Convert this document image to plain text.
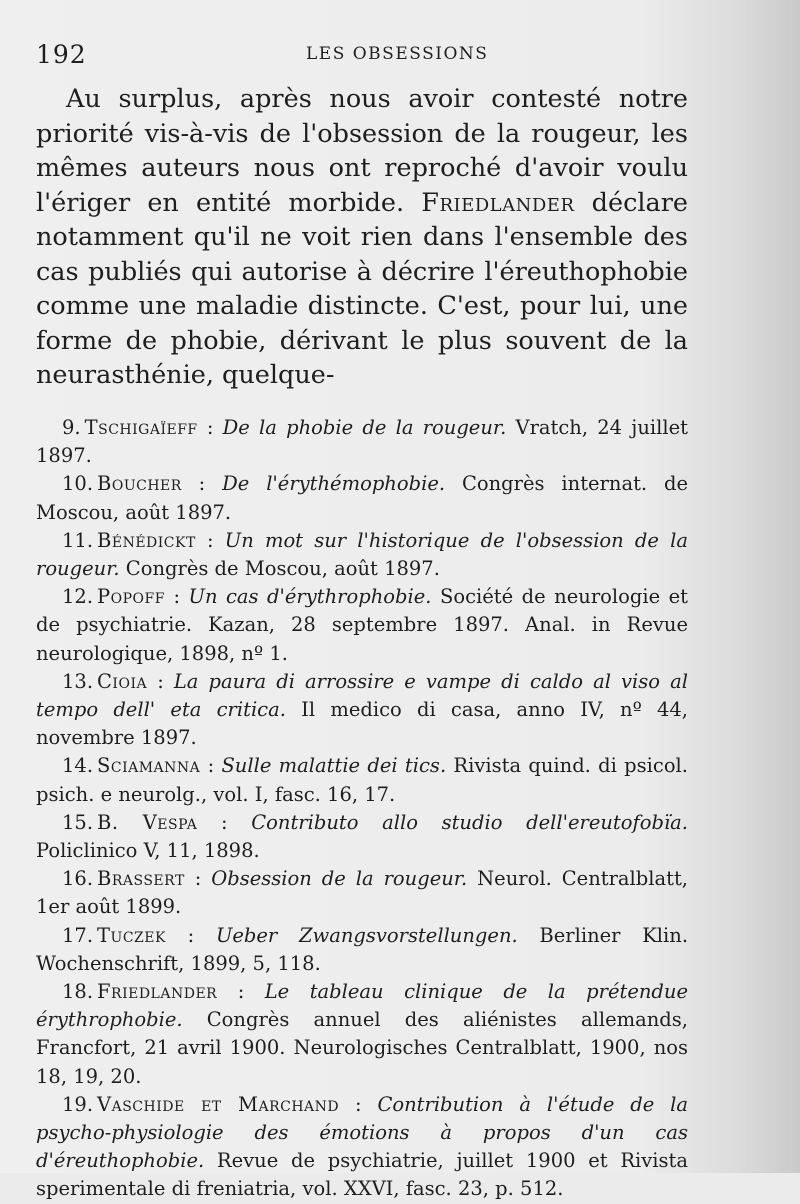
192	LES OBSESSIONS

Au surplus, après nous avoir contesté notre priorité vis-à-vis de l'obsession de la rougeur, les mêmes auteurs nous ont reproché d'avoir voulu l'ériger en entité morbide. Friedlander déclare notamment qu'il ne voit rien dans l'ensemble des cas publiés qui autorise à décrire l'éreuthophobie comme une maladie distincte. C'est, pour lui, une forme de phobie, dérivant le plus souvent de la neurasthénie, quelque-

9. Tschigaïeff : De la phobie de la rougeur. Vratch, 24 juillet 1897.

10. Boucher : De l'érythémophobie. Congrès internat. de Moscou, août 1897.

11. Bénédickt : Un mot sur l'historique de l'obsession de la rougeur. Congrès de Moscou, août 1897.

12. Popoff : Un cas d'érythrophobie. Société de neurologie et de psychiatrie. Kazan, 28 septembre 1897. Anal. in Revue neurologique, 1898, nº 1.

13. Cioia : La paura di arrossire e vampe di caldo al viso al tempo dell' eta critica. Il medico di casa, anno IV, nº 44, novembre 1897.

14. Sciamanna : Sulle malattie dei tics. Rivista quind. di psicol. psich. e neurolg., vol. I, fasc. 16, 17.

15. B. Vespa : Contributo allo studio dell'ereutofobïa. Policlinico V, 11, 1898.

16. Brassert : Obsession de la rougeur. Neurol. Centralblatt, 1er août 1899.

17. Tuczek : Ueber Zwangsvorstellungen. Berliner Klin. Wochenschrift, 1899, 5, 118.

18. Friedlander : Le tableau clinique de la prétendue érythrophobie. Congrès annuel des aliénistes allemands, Francfort, 21 avril 1900. Neurologisches Centralblatt, 1900, nos 18, 19, 20.

19. Vaschide et Marchand : Contribution à l'étude de la psycho-physiologie des émotions à propos d'un cas d'éreuthophobie. Revue de psychiatrie, juillet 1900 et Rivista sperimentale di freniatria, vol. XXVI, fasc. 23, p. 512.
